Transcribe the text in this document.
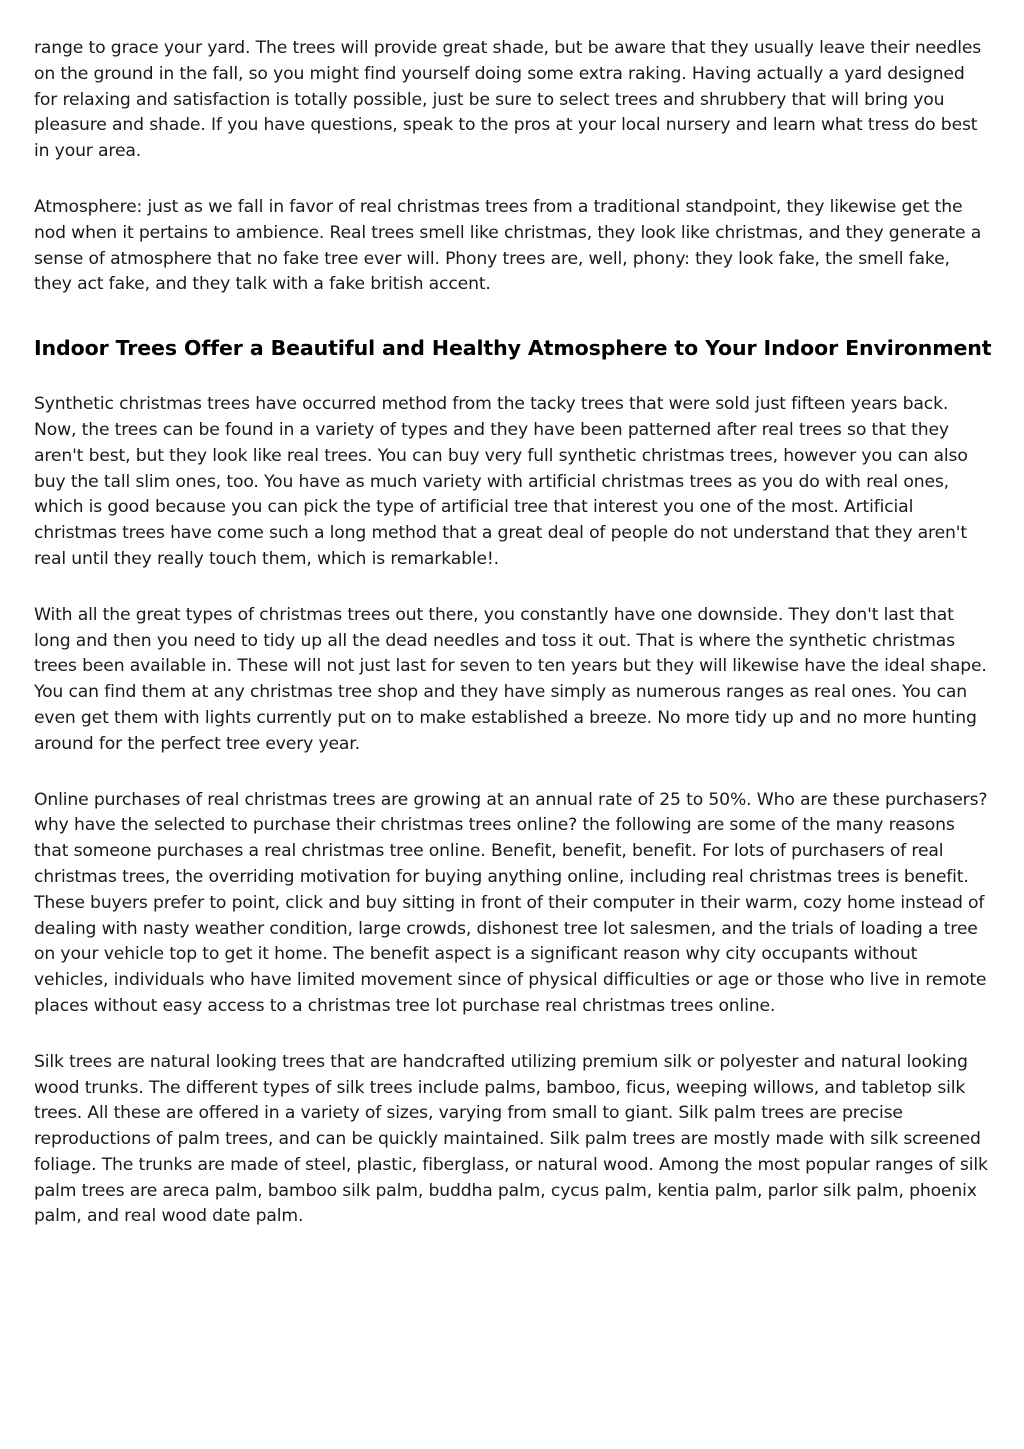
range to grace your yard. The trees will provide great shade, but be aware that they usually leave their needles on the ground in the fall, so you might find yourself doing some extra raking. Having actually a yard designed for relaxing and satisfaction is totally possible, just be sure to select trees and shrubbery that will bring you pleasure and shade. If you have questions, speak to the pros at your local nursery and learn what tress do best in your area.

Atmosphere: just as we fall in favor of real christmas trees from a traditional standpoint, they likewise get the nod when it pertains to ambience. Real trees smell like christmas, they look like christmas, and they generate a sense of atmosphere that no fake tree ever will. Phony trees are, well, phony: they look fake, the smell fake, they act fake, and they talk with a fake british accent.

Indoor Trees Offer a Beautiful and Healthy Atmosphere to Your Indoor Environment

Synthetic christmas trees have occurred method from the tacky trees that were sold just fifteen years back. Now, the trees can be found in a variety of types and they have been patterned after real trees so that they aren't best, but they look like real trees. You can buy very full synthetic christmas trees, however you can also buy the tall slim ones, too. You have as much variety with artificial christmas trees as you do with real ones, which is good because you can pick the type of artificial tree that interest you one of the most. Artificial christmas trees have come such a long method that a great deal of people do not understand that they aren't real until they really touch them, which is remarkable!.

With all the great types of christmas trees out there, you constantly have one downside. They don't last that long and then you need to tidy up all the dead needles and toss it out. That is where the synthetic christmas trees been available in. These will not just last for seven to ten years but they will likewise have the ideal shape. You can find them at any christmas tree shop and they have simply as numerous ranges as real ones. You can even get them with lights currently put on to make established a breeze. No more tidy up and no more hunting around for the perfect tree every year.

Online purchases of real christmas trees are growing at an annual rate of 25 to 50%. Who are these purchasers? why have the selected to purchase their christmas trees online? the following are some of the many reasons that someone purchases a real christmas tree online. Benefit, benefit, benefit. For lots of purchasers of real christmas trees, the overriding motivation for buying anything online, including real christmas trees is benefit. These buyers prefer to point, click and buy sitting in front of their computer in their warm, cozy home instead of dealing with nasty weather condition, large crowds, dishonest tree lot salesmen, and the trials of loading a tree on your vehicle top to get it home. The benefit aspect is a significant reason why city occupants without vehicles, individuals who have limited movement since of physical difficulties or age or those who live in remote places without easy access to a christmas tree lot purchase real christmas trees online.

Silk trees are natural looking trees that are handcrafted utilizing premium silk or polyester and natural looking wood trunks. The different types of silk trees include palms, bamboo, ficus, weeping willows, and tabletop silk trees. All these are offered in a variety of sizes, varying from small to giant. Silk palm trees are precise reproductions of palm trees, and can be quickly maintained. Silk palm trees are mostly made with silk screened foliage. The trunks are made of steel, plastic, fiberglass, or natural wood. Among the most popular ranges of silk palm trees are areca palm, bamboo silk palm, buddha palm, cycus palm, kentia palm, parlor silk palm, phoenix palm, and real wood date palm.
